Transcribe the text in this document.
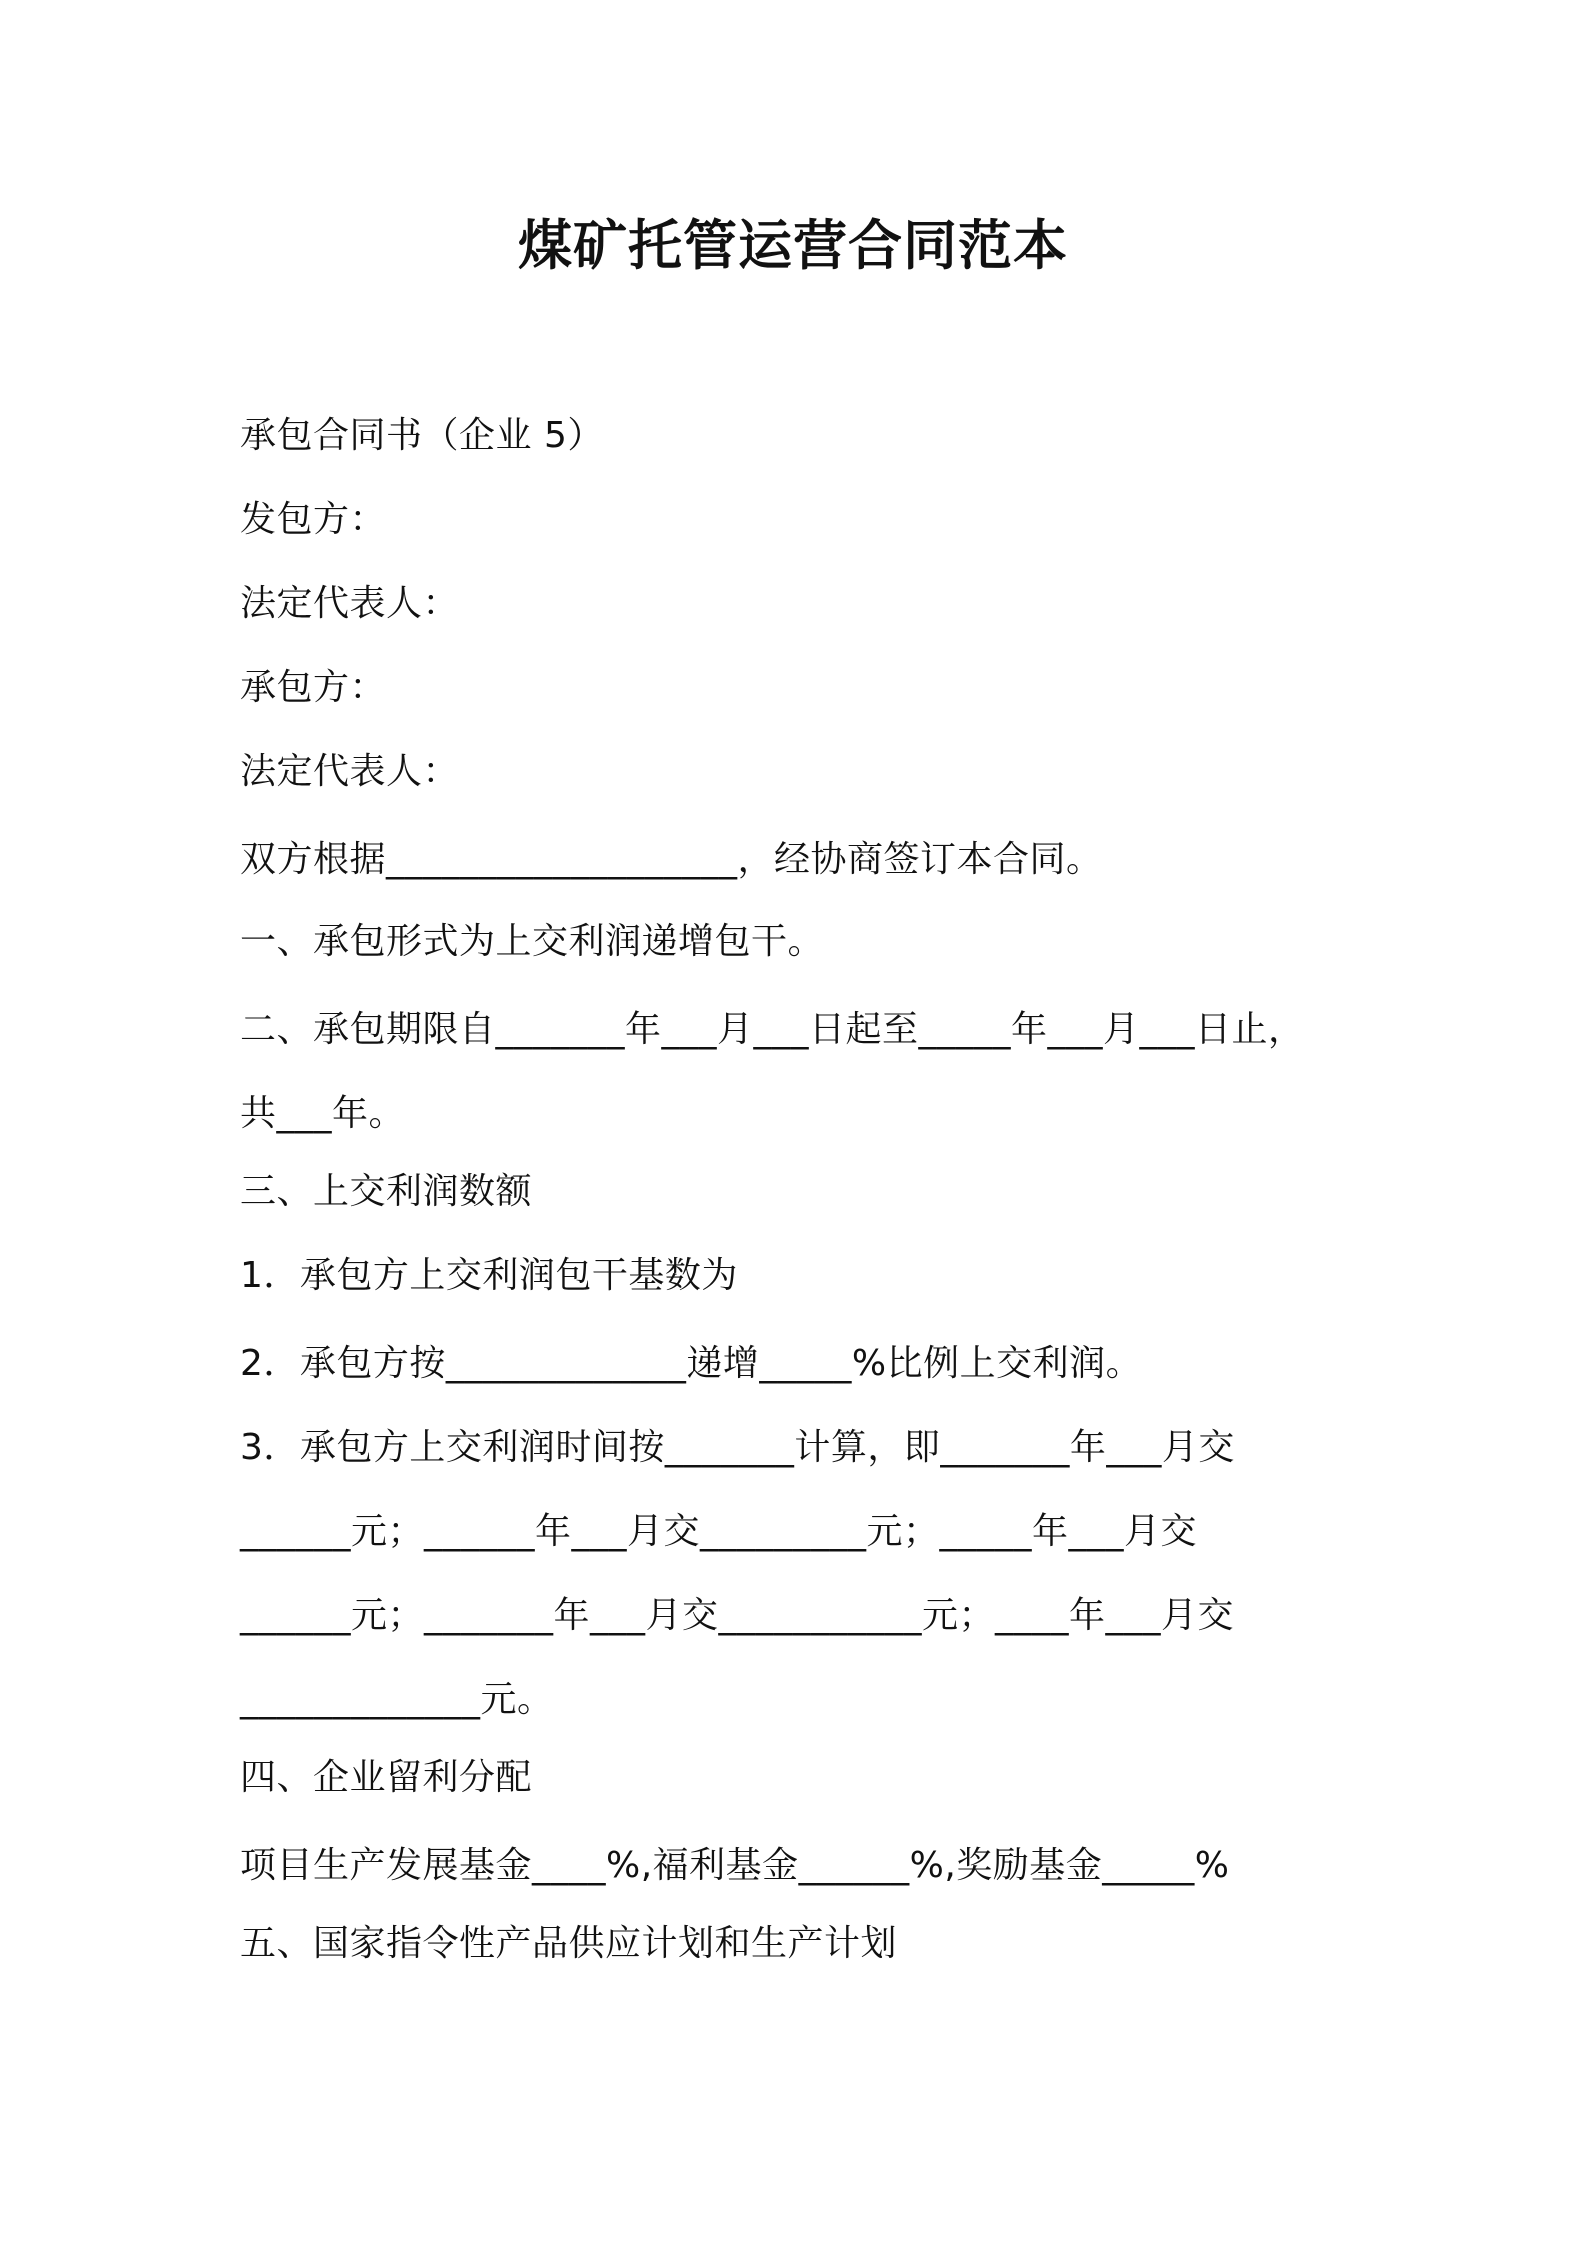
煤矿托管运营合同范本
承包合同书（企业 5）
发包方：
法定代表人：
承包方：
法定代表人：
双方根据___________________，经协商签订本合同。
一、承包形式为上交利润递增包干。
二、承包期限自_______年___月___日起至_____年___月___日止，
共___年。
三、上交利润数额
1．承包方上交利润包干基数为
2．承包方按_____________递增_____%比例上交利润。
3．承包方上交利润时间按_______计算，即_______年___月交
______元；______年___月交_________元；_____年___月交
______元；_______年___月交___________元；____年___月交
_____________元。
四、企业留利分配
项目生产发展基金____%,福利基金______%,奖励基金_____%
五、国家指令性产品供应计划和生产计划
